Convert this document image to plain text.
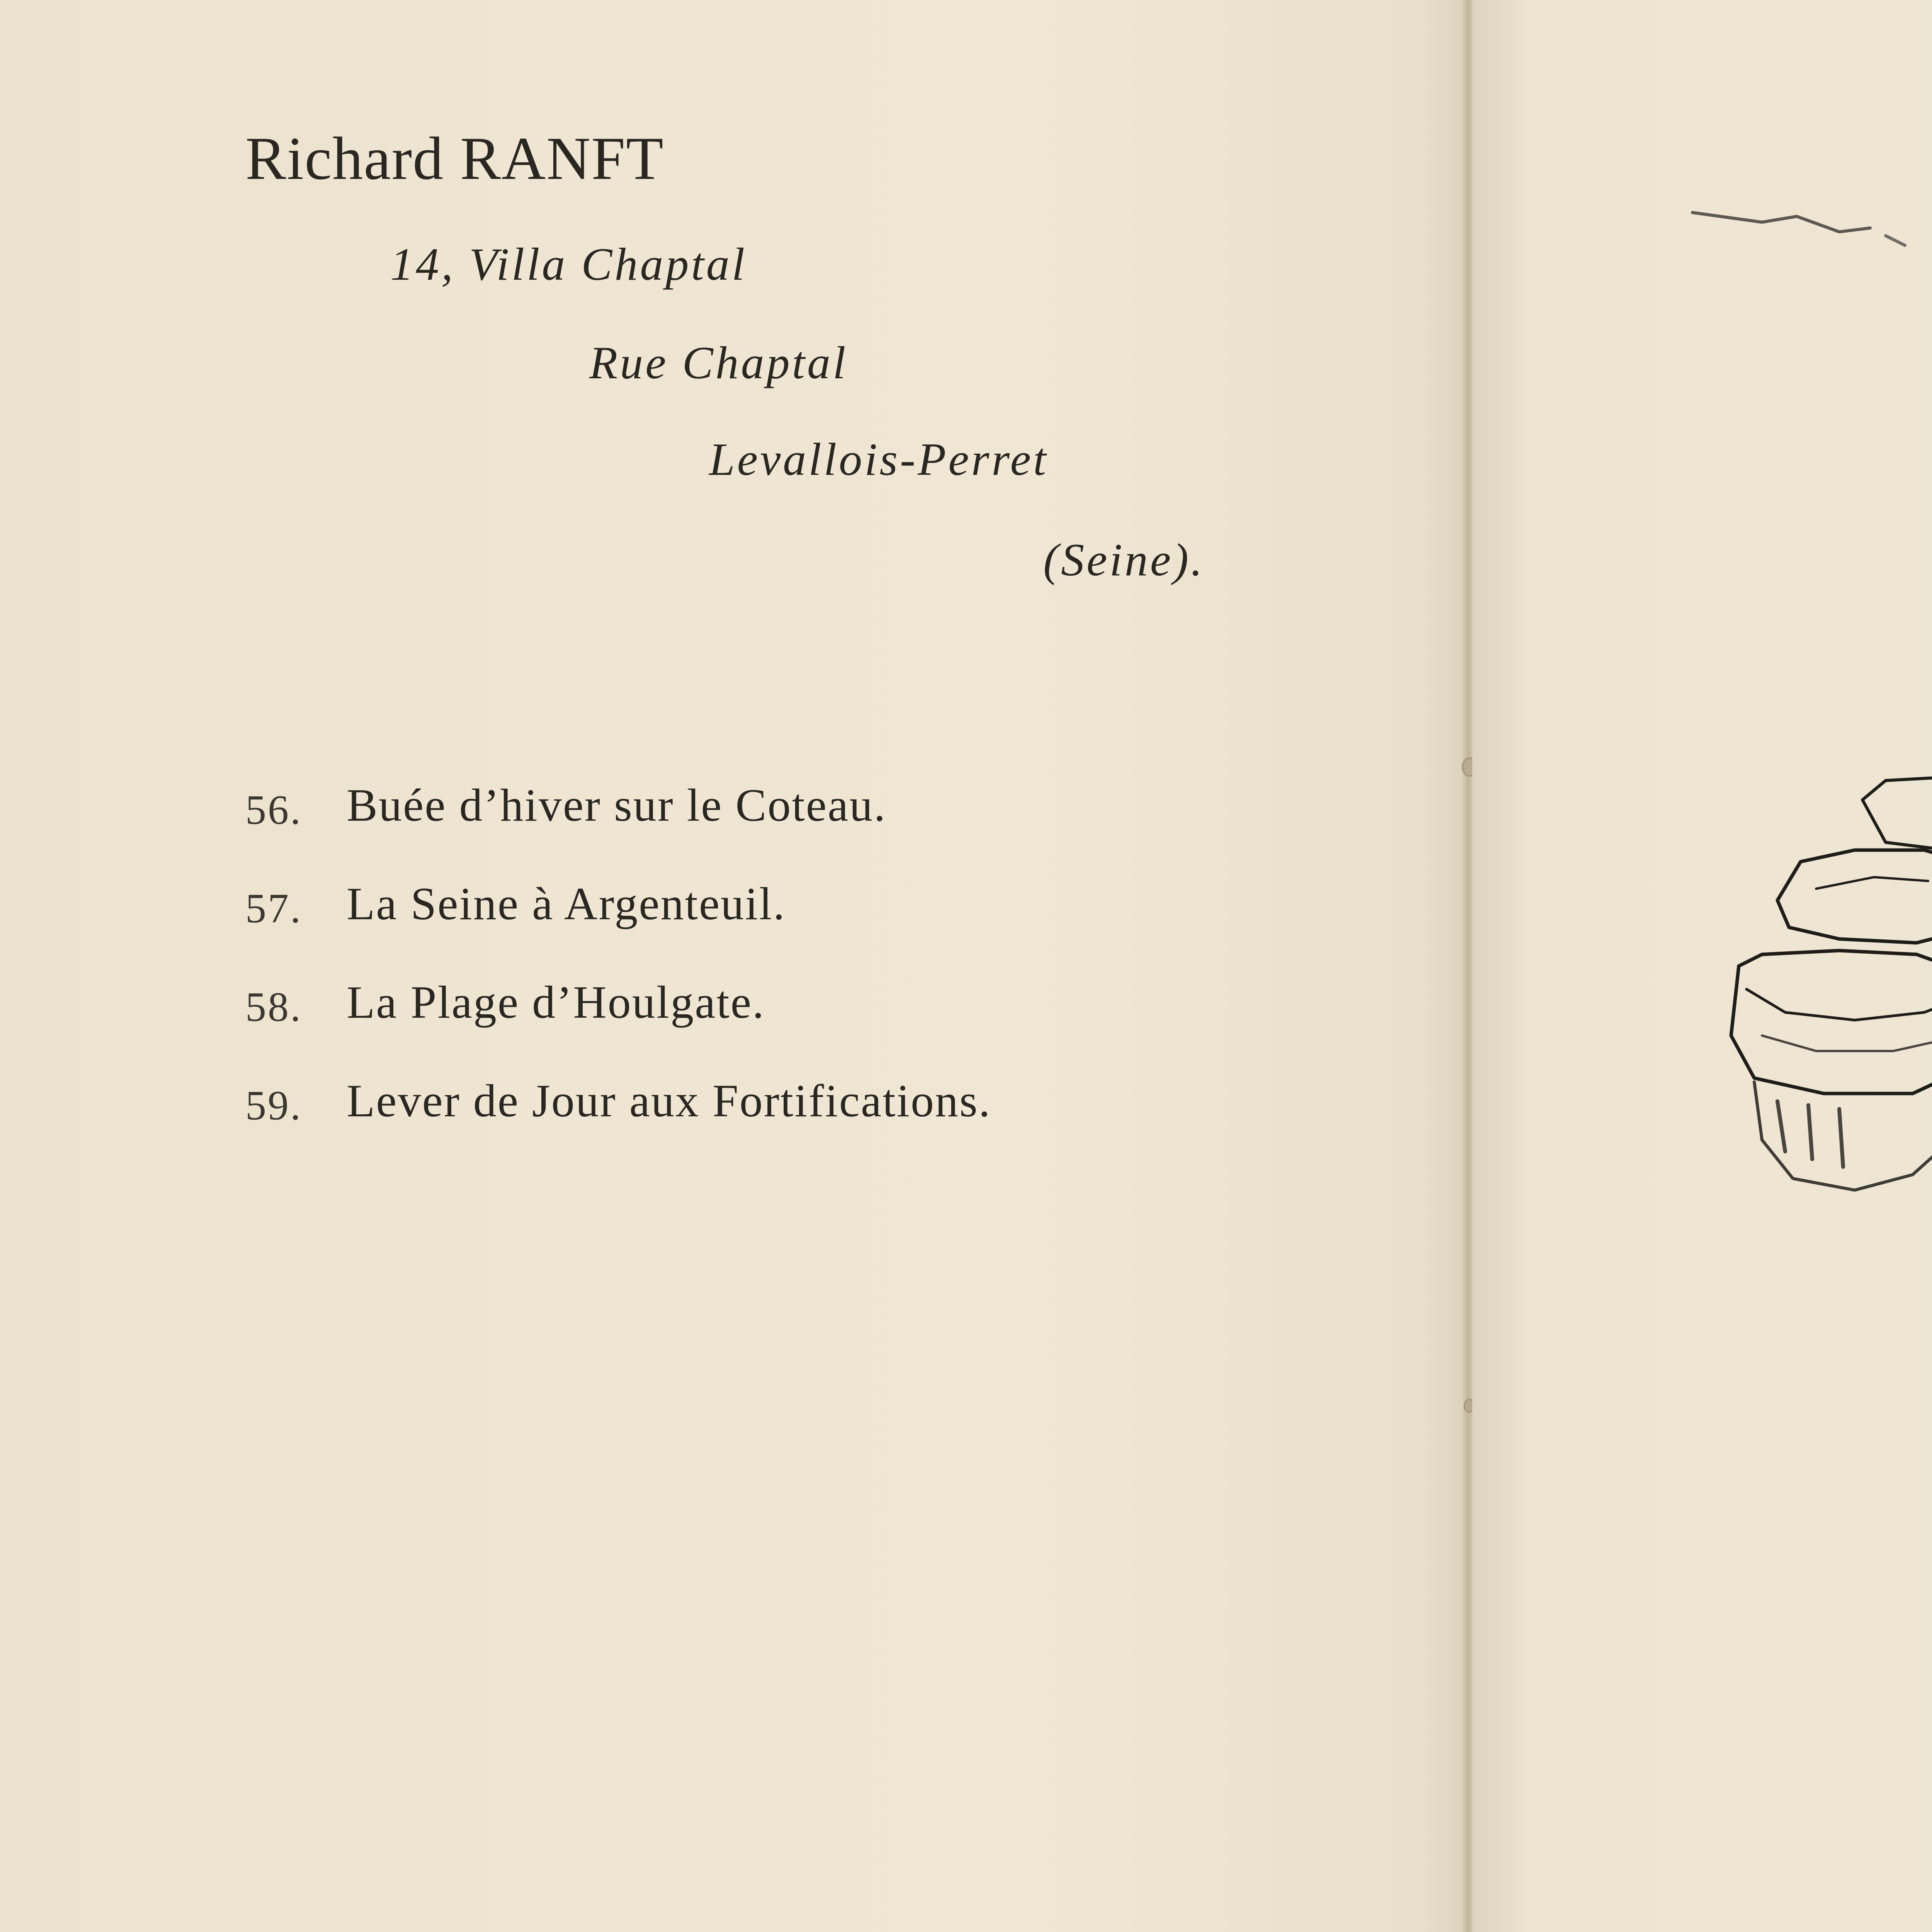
Richard RANFT
14, Villa Chaptal
Rue Chaptal
Levallois-Perret
(Seine).
56. Buée d’hiver sur le Coteau.
57. La Seine à Argenteuil.
58. La Plage d’Houlgate.
59. Lever de Jour aux Fortifications.
